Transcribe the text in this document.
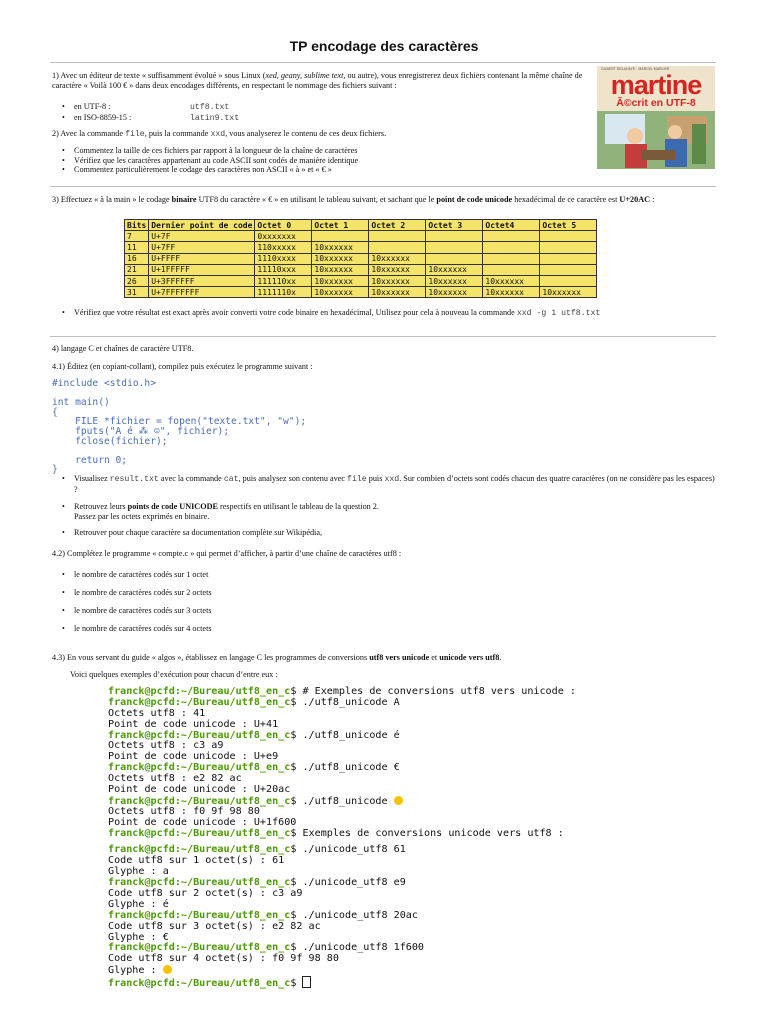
TP encodage des caractères
GILBERT DELAHAYE · MARCEL MARLIER
martine
Ã©crit en UTF-8
1) Avec un éditeur de texte « suffisamment évolué » sous Linux (xed, geany, sublime text, ou autre), vous enregistrerez deux fichiers contenant la même chaîne de caractère « Voilà 100 € » dans deux encodages différents, en respectant le nommage des fichiers suivant :
• en UTF-8 :	utf8.txt
• en ISO-8859-15 :	latin9.txt
2) Avec la commande file, puis la commande xxd, vous analyserez le contenu de ces deux fichiers.
• Commentez la taille de ces fichiers par rapport à la longueur de la chaîne de caractères
• Vérifiez que les caractères appartenant au code ASCII sont codés de manière identique
• Commentez particulièrement le codage des caractères non ASCII « à » et « € »
3) Effectuez « à la main » le codage binaire UTF8 du caractère « € » en utilisant le tableau suivant, et sachant que le point de code unicode hexadécimal de ce caractère est U+20AC :
Bits	Dernier point de code	Octet 0	Octet 1	Octet 2	Octet 3	Octet4	Octet 5
7	U+7F	0xxxxxxx					
11	U+7FF	110xxxxx	10xxxxxx				
16	U+FFFF	1110xxxx	10xxxxxx	10xxxxxx			
21	U+1FFFFF	11110xxx	10xxxxxx	10xxxxxx	10xxxxxx		
26	U+3FFFFFF	111110xx	10xxxxxx	10xxxxxx	10xxxxxx	10xxxxxx	
31	U+7FFFFFFF	1111110x	10xxxxxx	10xxxxxx	10xxxxxx	10xxxxxx	10xxxxxx
• Vérifiez que votre résultat est exact après avoir converti votre code binaire en hexadécimal, Utilisez pour cela à nouveau la commande xxd -g 1 utf8.txt
4) langage C et chaînes de caractère UTF8.
4.1) Éditez (en copiant-collant), compilez puis exécutez le programme suivant :
#include <stdio.h>

int main()
{
FILE *fichier = fopen("texte.txt", "w");
fputs("A é ⁂ ☺", fichier);
fclose(fichier);

return 0;
}
• Visualisez result.txt avec la commande cat, puis analysez son contenu avec file puis xxd. Sur combien d’octets sont codés chacun des quatre caractères (on ne considère pas les espaces) ?
• Retrouvez leurs points de code UNICODE respectifs en utilisant le tableau de la question 2.
Passez par les octets exprimés en binaire.
• Retrouver pour chaque caractère sa documentation complète sur Wikipédia,
4.2) Complétez le programme « compte.c » qui permet d’afficher, à partir d’une chaîne de caractères utf8 :
• le nombre de caractères codés sur 1 octet
• le nombre de caractères codés sur 2 octets
• le nombre de caractères codés sur 3 octets
• le nombre de caractères codés sur 4 octets
4.3) En vous servant du guide « algos », établissez en langage C les programmes de conversions utf8 vers unicode et unicode vers utf8.
Voici quelques exemples d’exécution pour chacun d’entre eux :
franck@pcfd:~/Bureau/utf8_en_c$ # Exemples de conversions utf8 vers unicode :
franck@pcfd:~/Bureau/utf8_en_c$ ./utf8_unicode A
Octets utf8 : 41
Point de code unicode : U+41
franck@pcfd:~/Bureau/utf8_en_c$ ./utf8_unicode é
Octets utf8 : c3 a9
Point de code unicode : U+e9
franck@pcfd:~/Bureau/utf8_en_c$ ./utf8_unicode €
Octets utf8 : e2 82 ac
Point de code unicode : U+20ac
franck@pcfd:~/Bureau/utf8_en_c$ ./utf8_unicode
Octets utf8 : f0 9f 98 80
Point de code unicode : U+1f600
franck@pcfd:~/Bureau/utf8_en_c$ Exemples de conversions unicode vers utf8 :
franck@pcfd:~/Bureau/utf8_en_c$ ./unicode_utf8 61
Code utf8 sur 1 octet(s) : 61
Glyphe : a
franck@pcfd:~/Bureau/utf8_en_c$ ./unicode_utf8 e9
Code utf8 sur 2 octet(s) : c3 a9
Glyphe : é
franck@pcfd:~/Bureau/utf8_en_c$ ./unicode_utf8 20ac
Code utf8 sur 3 octet(s) : e2 82 ac
Glyphe : €
franck@pcfd:~/Bureau/utf8_en_c$ ./unicode_utf8 1f600
Code utf8 sur 4 octet(s) : f0 9f 98 80
Glyphe :
franck@pcfd:~/Bureau/utf8_en_c$
